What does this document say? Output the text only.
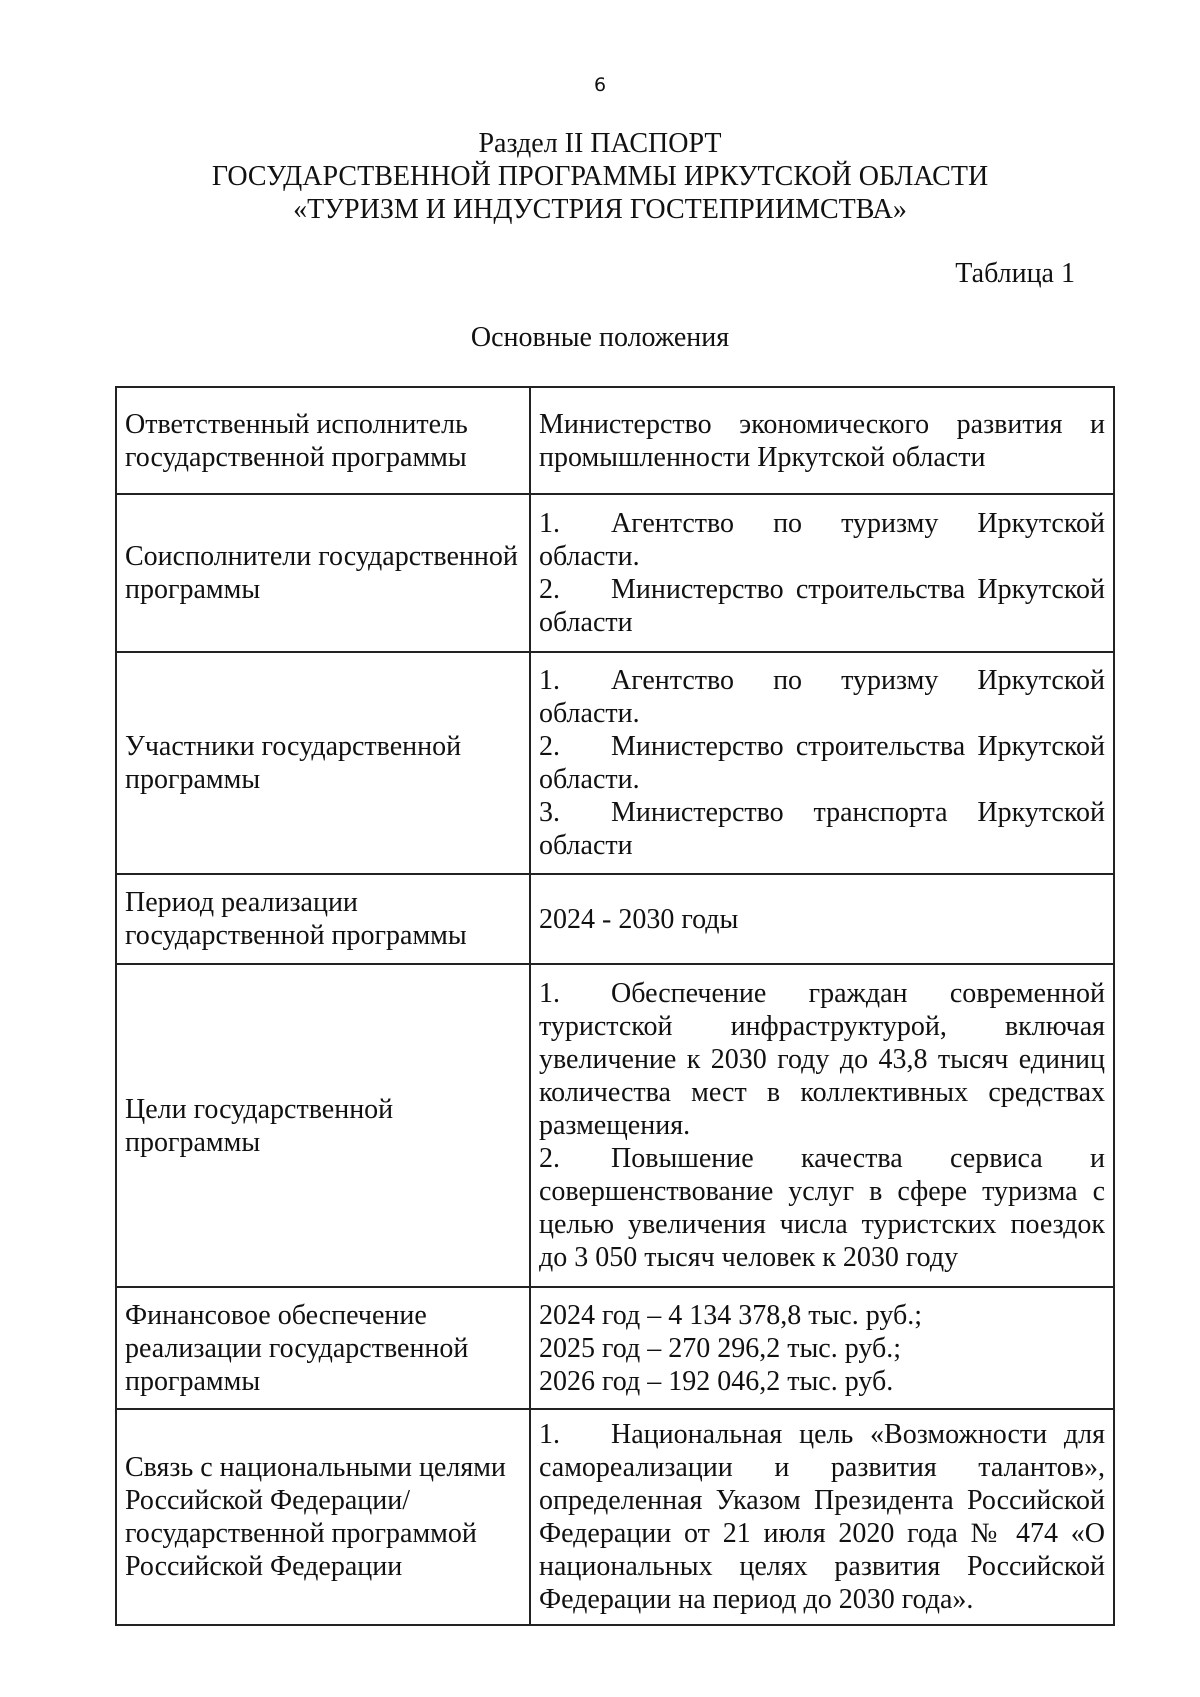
6
Раздел II ПАСПОРТ
ГОСУДАРСТВЕННОЙ ПРОГРАММЫ ИРКУТСКОЙ ОБЛАСТИ
«ТУРИЗМ И ИНДУСТРИЯ ГОСТЕПРИИМСТВА»
Таблица 1
Основные положения
Ответственный исполнитель государственной программы	Министерство экономического развития и промышленности Иркутской области
Соисполнители государственной программы	1. Агентство по туризму Иркутской области.
2. Министерство строительства Иркутской области

Участники государственной программы	1. Агентство по туризму Иркутской области.
2. Министерство строительства Иркутской области.
3. Министерство транспорта Иркутской области

Период реализации государственной программы	2024 - 2030 годы
Цели государственной программы	1. Обеспечение граждан современной туристской инфраструктурой, включая увеличение к 2030 году до 43,8 тысяч единиц количества мест в коллективных средствах размещения.
2. Повышение качества сервиса и совершенствование услуг в сфере туризма с целью увеличения числа туристских поездок до 3 050 тысяч человек к 2030 году

Финансовое обеспечение реализации государственной программы	2024 год – 4 134 378,8 тыс. руб.;
2025 год – 270 296,2 тыс. руб.;
2026 год – 192 046,2 тыс. руб.

Связь с национальными целями Российской Федерации/государственной программой Российской Федерации	1. Национальная цель «Возможности для самореализации и развития талантов», определенная Указом Президента Российской Федерации от 21 июля 2020 года № 474 «О национальных целях развития Российской Федерации на период до 2030 года».
